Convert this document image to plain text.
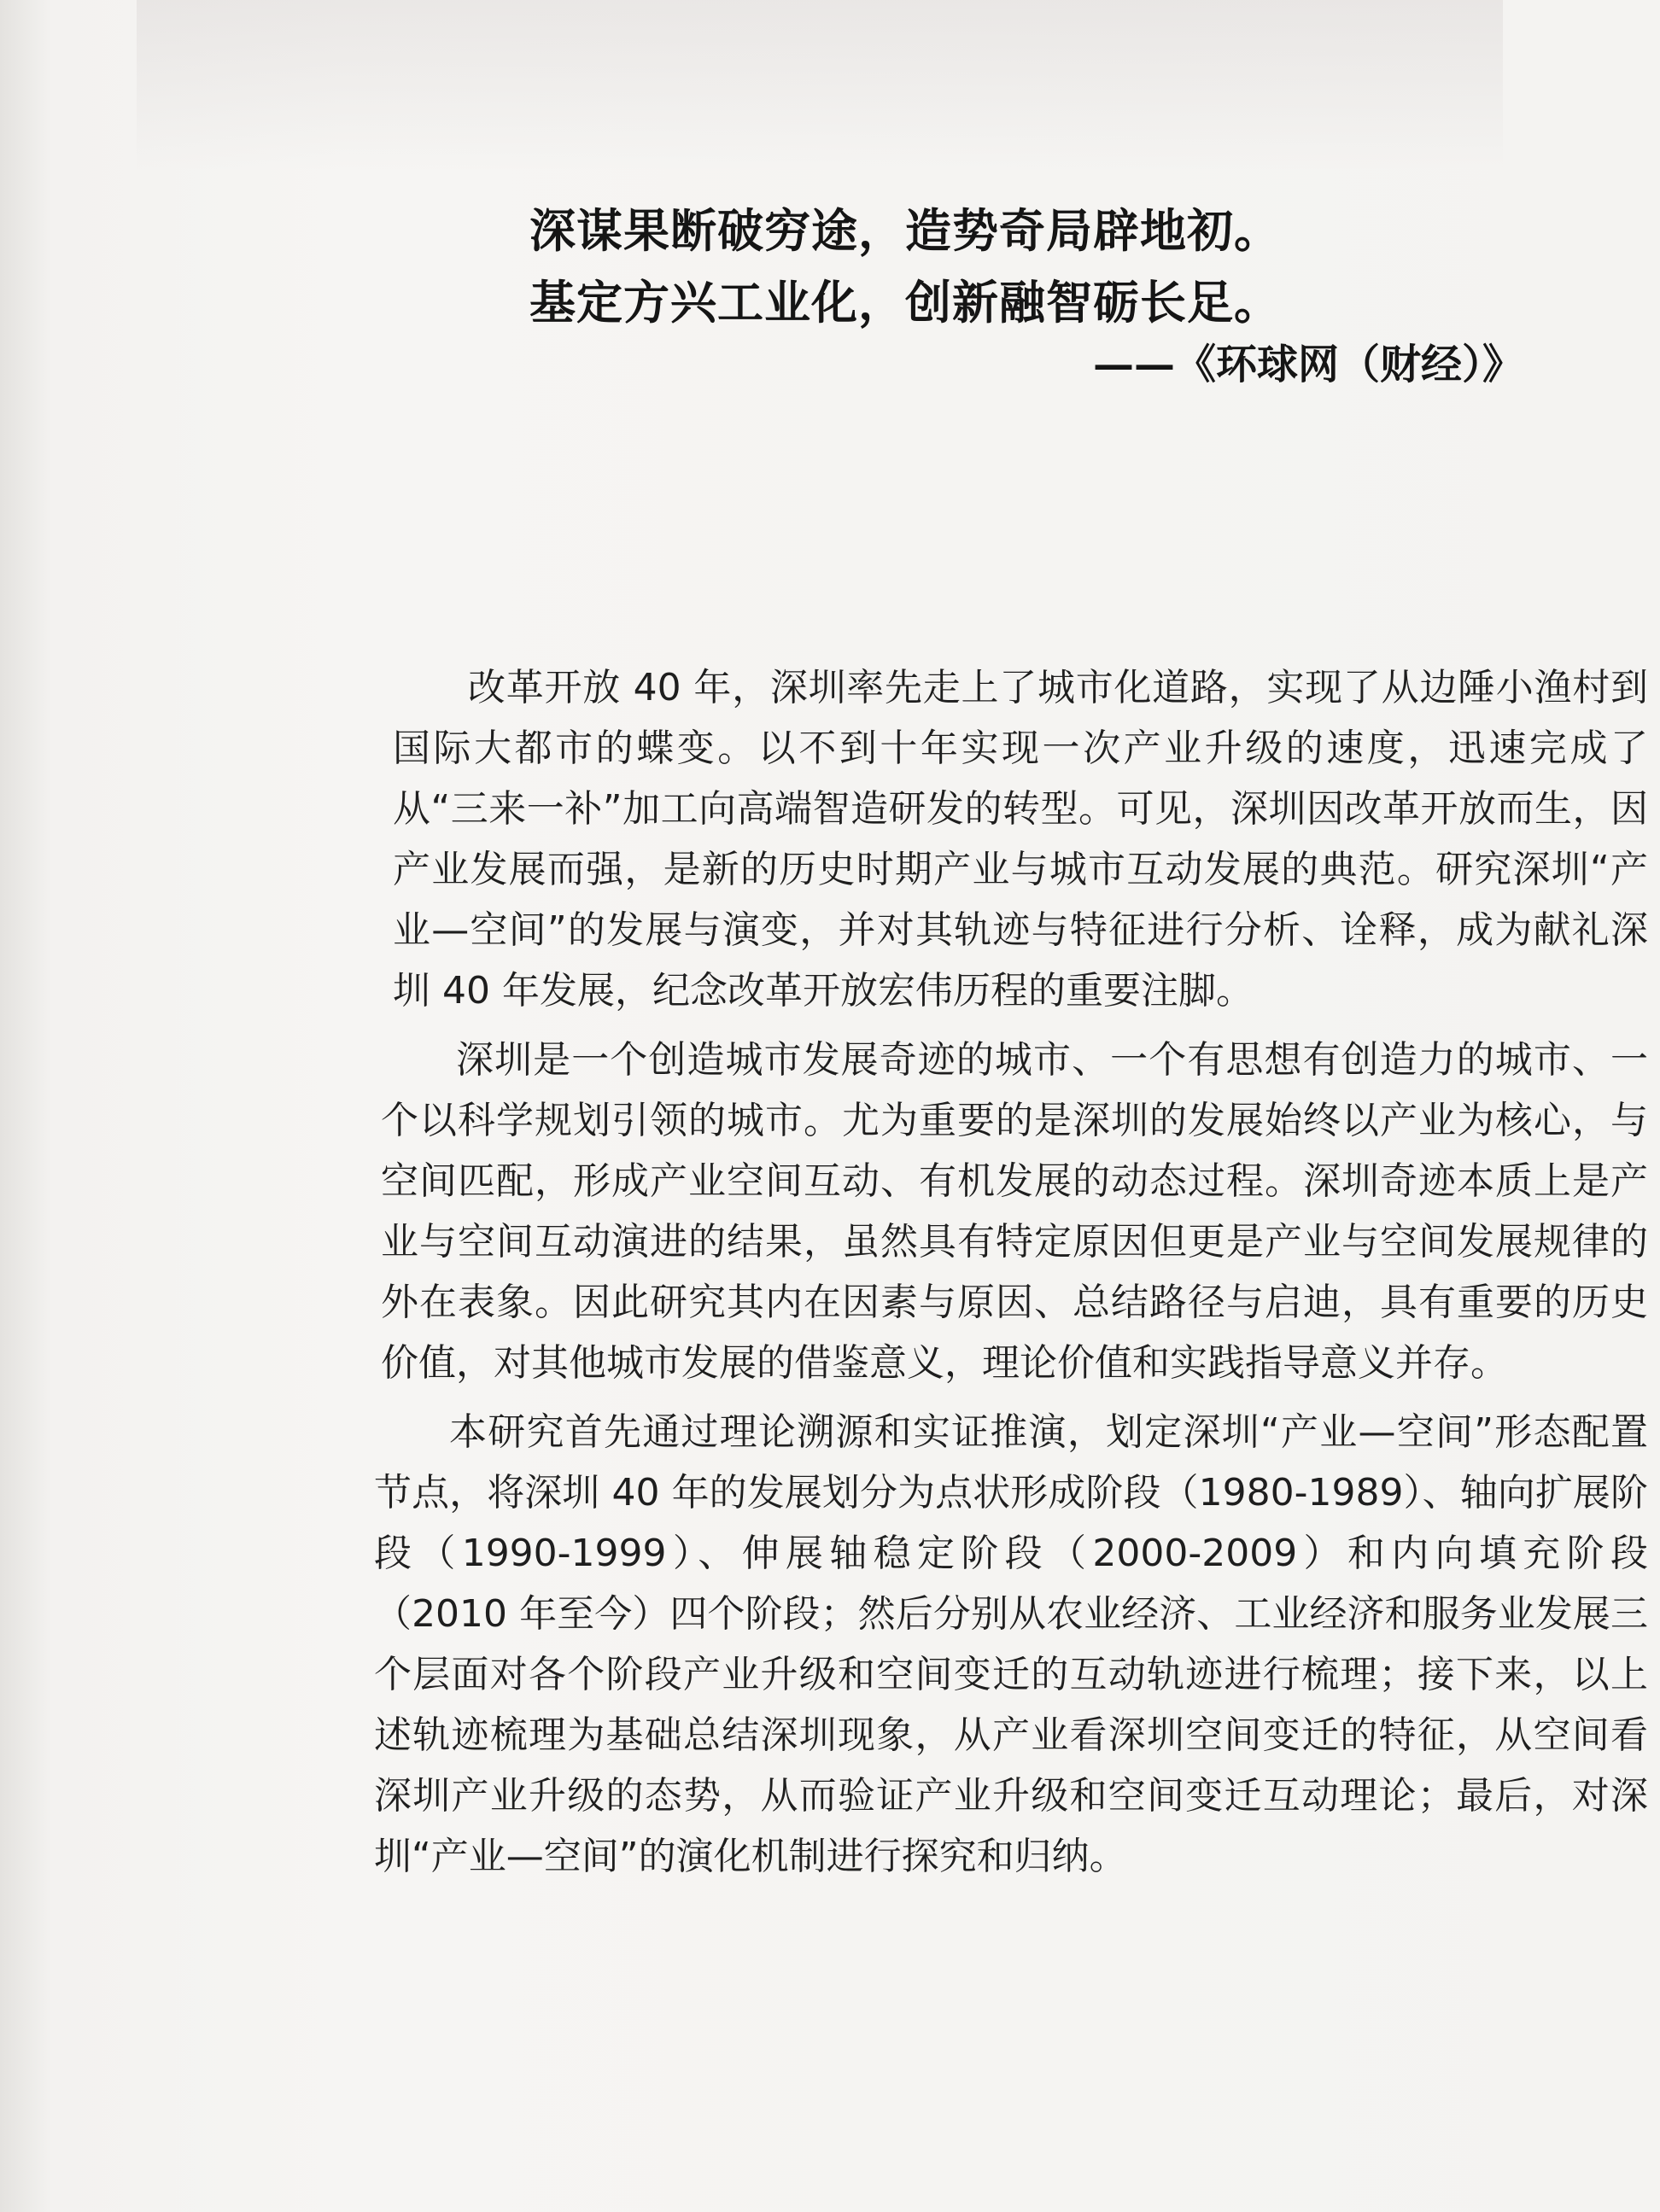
深谋果断破穷途，造势奇局辟地初。
基定方兴工业化，创新融智砺长足。
——《环球网（财经）》

改革开放 40 年，深圳率先走上了城市化道路，实现了从边陲小渔村到国际大都市的蝶变。以不到十年实现一次产业升级的速度，迅速完成了从“三来一补”加工向高端智造研发的转型。可见，深圳因改革开放而生，因产业发展而强，是新的历史时期产业与城市互动发展的典范。研究深圳“产业—空间”的发展与演变，并对其轨迹与特征进行分析、诠释，成为献礼深圳 40 年发展，纪念改革开放宏伟历程的重要注脚。

深圳是一个创造城市发展奇迹的城市、一个有思想有创造力的城市、一个以科学规划引领的城市。尤为重要的是深圳的发展始终以产业为核心，与空间匹配，形成产业空间互动、有机发展的动态过程。深圳奇迹本质上是产业与空间互动演进的结果，虽然具有特定原因但更是产业与空间发展规律的外在表象。因此研究其内在因素与原因、总结路径与启迪，具有重要的历史价值，对其他城市发展的借鉴意义，理论价值和实践指导意义并存。

本研究首先通过理论溯源和实证推演，划定深圳“产业—空间”形态配置节点，将深圳 40 年的发展划分为点状形成阶段（1980-1989）、轴向扩展阶段（1990-1999）、伸展轴稳定阶段（2000-2009）和内向填充阶段（2010 年至今）四个阶段；然后分别从农业经济、工业经济和服务业发展三个层面对各个阶段产业升级和空间变迁的互动轨迹进行梳理；接下来，以上述轨迹梳理为基础总结深圳现象，从产业看深圳空间变迁的特征，从空间看深圳产业升级的态势，从而验证产业升级和空间变迁互动理论；最后，对深圳“产业—空间”的演化机制进行探究和归纳。
